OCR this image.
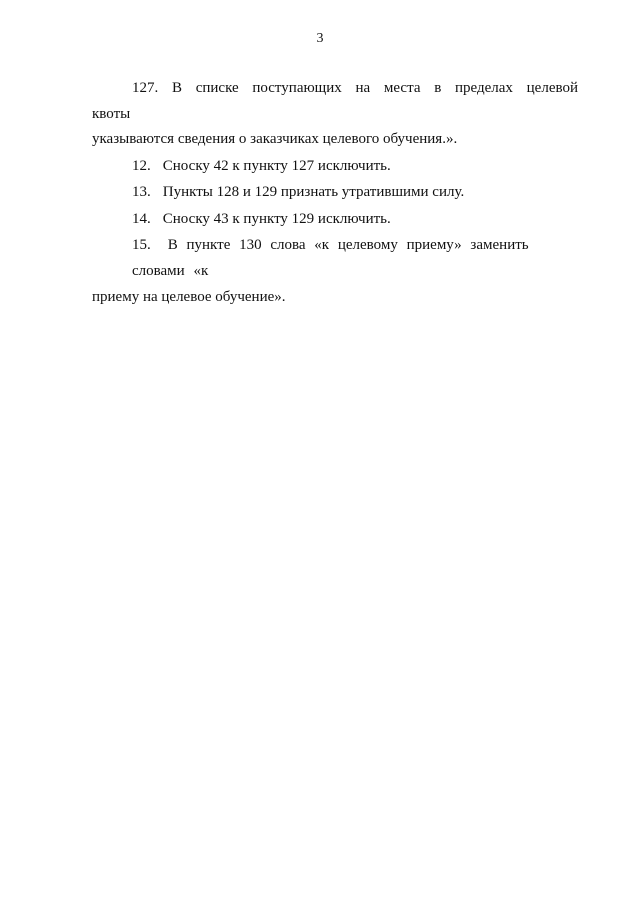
3

127. В списке поступающих на места в пределах целевой квоты

указываются сведения о заказчиках целевого обучения.».

12. Сноску 42 к пункту 127 исключить.

13. Пункты 128 и 129 признать утратившими силу.

14. Сноску 43 к пункту 129 исключить.

15. В пункте 130 слова «к целевому приему» заменить словами «к

приему на целевое обучение».
